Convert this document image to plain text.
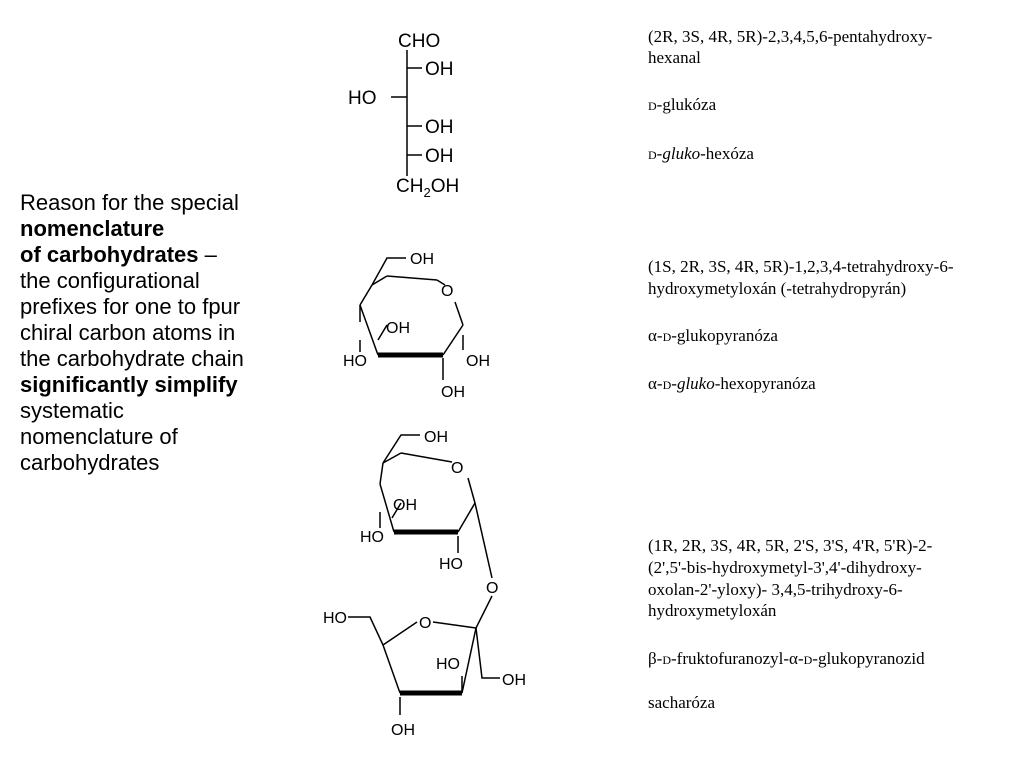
Reason for the special
nomenclature
of carbohydrates –
the configurational
prefixes for one to fpur
chiral carbon atoms in
the carbohydrate chain
significantly simplify
systematic
nomenclature of
carbohydrates
CHO
OH
HO
OH
OH
$CH_2OH$
OH
O
OH
HO	OH
OH
OH
O
OH
HO
HO
O
HO	O
HO
OH
OH
(2R, 3S, 4R, 5R)-2,3,4,5,6-pentahydroxy-
hexanal
D-glukóza
D-gluko-hexóza
(1S, 2R, 3S, 4R, 5R)-1,2,3,4-tetrahydroxy-6-
hydroxymetyloxán (-tetrahydropyrán)
α-D-glukopyranóza
α-D-gluko-hexopyranóza
(1R, 2R, 3S, 4R, 5R, 2'S, 3'S, 4'R, 5'R)-2-
(2',5'-bis-hydroxymetyl-3',4'-dihydroxy-
oxolan-2'-yloxy)- 3,4,5-trihydroxy-6-
hydroxymetyloxán
β-D-fruktofuranozyl-α-D-glukopyranozid
sacharóza
